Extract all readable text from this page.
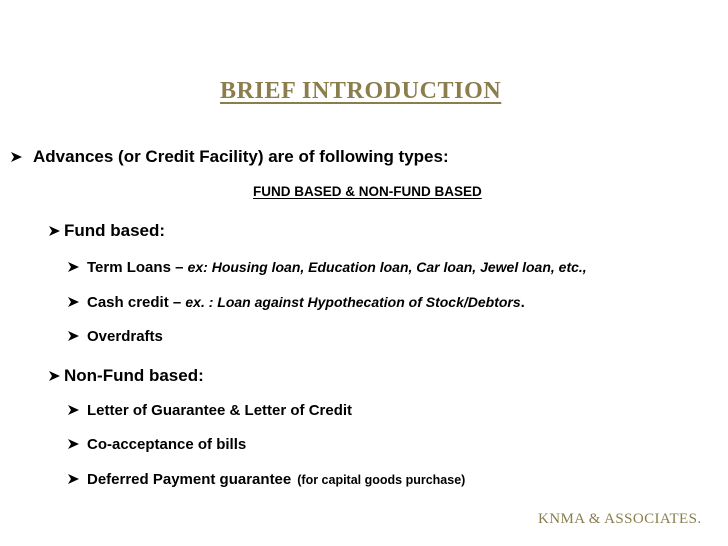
BRIEF INTRODUCTION
Advances (or Credit Facility) are of following types:
FUND BASED & NON-FUND BASED
Fund based:
Term Loans – ex: Housing loan, Education loan, Car loan, Jewel loan, etc.,
Cash credit – ex. : Loan against Hypothecation of Stock/Debtors .
Overdrafts
Non-Fund based:
Letter of Guarantee & Letter of Credit
Co-acceptance of bills
Deferred Payment guarantee (for capital goods purchase)
KNMA & ASSOCIATES.
